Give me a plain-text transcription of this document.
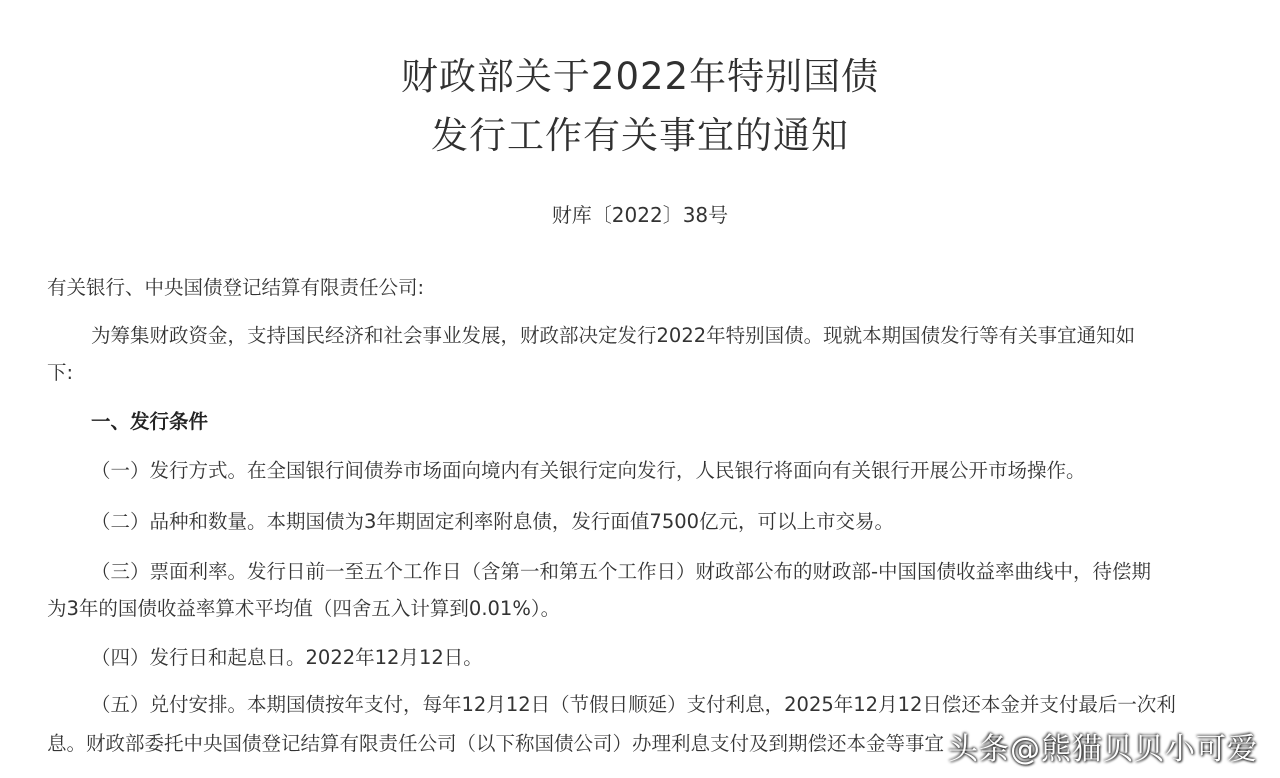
财政部关于2022年特别国债
发行工作有关事宜的通知
财库〔2022〕38号
有关银行、中央国债登记结算有限责任公司:
为筹集财政资金，支持国民经济和社会事业发展，财政部决定发行2022年特别国债。现就本期国债发行等有关事宜通知如
下:
一、发行条件
（一）发行方式。在全国银行间债券市场面向境内有关银行定向发行，人民银行将面向有关银行开展公开市场操作。
（二）品种和数量。本期国债为3年期固定利率附息债，发行面值7500亿元，可以上市交易。
（三）票面利率。发行日前一至五个工作日（含第一和第五个工作日）财政部公布的财政部-中国国债收益率曲线中，待偿期
为3年的国债收益率算术平均值（四舍五入计算到0.01%）。
（四）发行日和起息日。2022年12月12日。
（五）兑付安排。本期国债按年支付，每年12月12日（节假日顺延）支付利息，2025年12月12日偿还本金并支付最后一次利
息。财政部委托中央国债登记结算有限责任公司（以下称国债公司）办理利息支付及到期偿还本金等事宜 头条@熊猫贝贝小可爱
